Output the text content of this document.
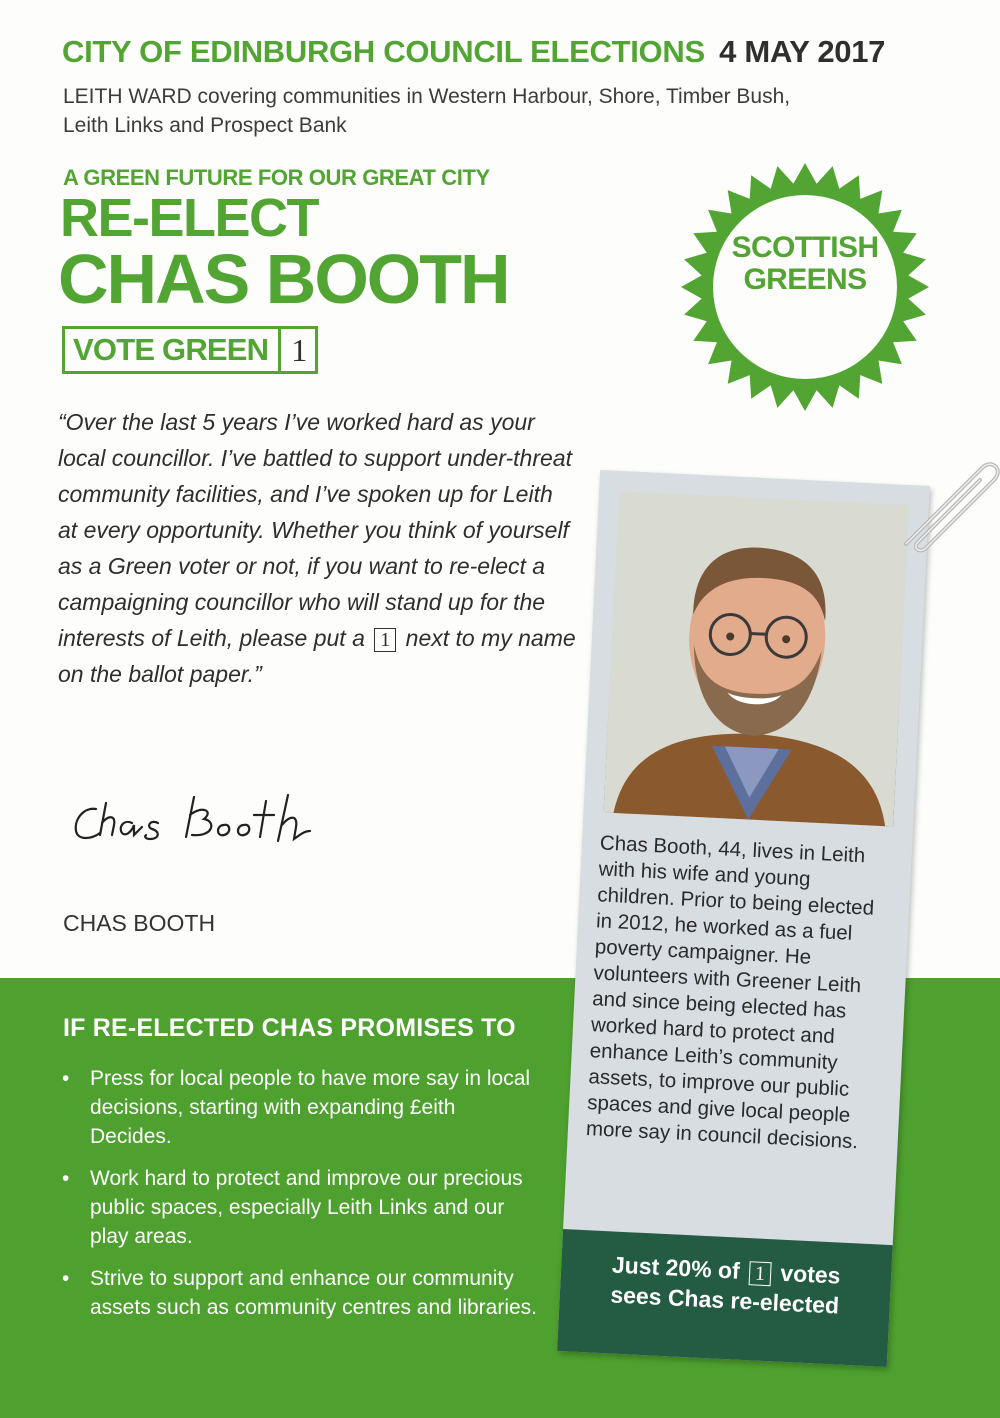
CITY OF EDINBURGH COUNCIL ELECTIONS 4 MAY 2017
LEITH WARD covering communities in Western Harbour, Shore, Timber Bush, Leith Links and Prospect Bank
A GREEN FUTURE FOR OUR GREAT CITY
RE-ELECT
CHAS BOOTH
VOTE GREEN 1
SCOTTISH
GREENS
“Over the last 5 years I’ve worked hard as your local councillor. I’ve battled to support under-threat community facilities, and I’ve spoken up for Leith at every opportunity. Whether you think of yourself as a Green voter or not, if you want to re-elect a campaigning councillor who will stand up for the interests of Leith, please put a 1 next to my name on the ballot paper.”
CHAS BOOTH
IF RE-ELECTED CHAS PROMISES TO
• Press for local people to have more say in local decisions, starting with expanding £eith Decides.
• Work hard to protect and improve our precious public spaces, especially Leith Links and our play areas.
• Strive to support and enhance our community assets such as community centres and libraries.
Chas Booth, 44, lives in Leith with his wife and young children. Prior to being elected in 2012, he worked as a fuel poverty campaigner. He volunteers with Greener Leith and since being elected has worked hard to protect and enhance Leith’s community assets, to improve our public spaces and give local people more say in council decisions.
Just 20% of 1 votes
sees Chas re-elected
